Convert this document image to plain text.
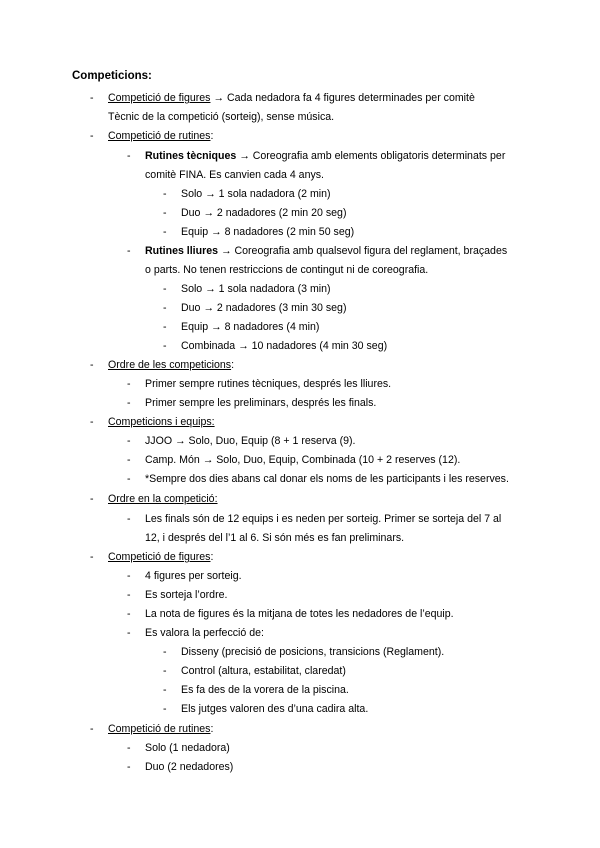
Competicions:
- Competició de figures → Cada nedadora fa 4 figures determinades per comitè
Tècnic de la competició (sorteig), sense música.
- Competició de rutines:
- Rutines tècniques → Coreografia amb elements obligatoris determinats per
comitè FINA. Es canvien cada 4 anys.
- Solo → 1 sola nadadora (2 min)
- Duo → 2 nadadores (2 min 20 seg)
- Equip → 8 nadadores (2 min 50 seg)
- Rutines lliures → Coreografia amb qualsevol figura del reglament, braçades
o parts. No tenen restriccions de contingut ni de coreografia.
- Solo → 1 sola nadadora (3 min)
- Duo → 2 nadadores (3 min 30 seg)
- Equip → 8 nadadores (4 min)
- Combinada → 10 nadadores (4 min 30 seg)
- Ordre de les competicions:
- Primer sempre rutines tècniques, després les lliures.
- Primer sempre les preliminars, després les finals.
- Competicions i equips:
- JJOO → Solo, Duo, Equip (8 + 1 reserva (9).
- Camp. Món → Solo, Duo, Equip, Combinada (10 + 2 reserves (12).
- *Sempre dos dies abans cal donar els noms de les participants i les reserves.
- Ordre en la competició:
- Les finals són de 12 equips i es neden per sorteig. Primer se sorteja del 7 al
12, i després del l’1 al 6. Si són més es fan preliminars.
- Competició de figures:
- 4 figures per sorteig.
- Es sorteja l’ordre.
- La nota de figures és la mitjana de totes les nedadores de l’equip.
- Es valora la perfecció de:
- Disseny (precisió de posicions, transicions (Reglament).
- Control (altura, estabilitat, claredat)
- Es fa des de la vorera de la piscina.
- Els jutges valoren des d’una cadira alta.
- Competició de rutines:
- Solo (1 nedadora)
- Duo (2 nedadores)
